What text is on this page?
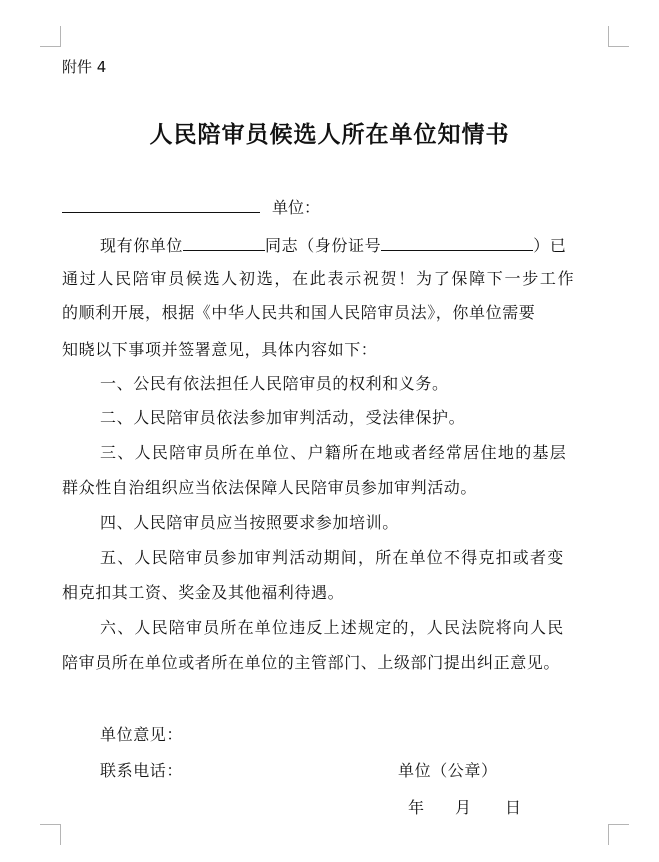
附件 4
人民陪审员候选人所在单位知情书
单位：
现有你单位	同志（身份证号	）已
通过人民陪审员候选人初选，在此表示祝贺！为了保障下一步工作
的顺利开展，根据《中华人民共和国人民陪审员法》，你单位需要
知晓以下事项并签署意见，具体内容如下：
一、公民有依法担任人民陪审员的权利和义务。
二、人民陪审员依法参加审判活动，受法律保护。
三、人民陪审员所在单位、户籍所在地或者经常居住地的基层
群众性自治组织应当依法保障人民陪审员参加审判活动。
四、人民陪审员应当按照要求参加培训。
五、人民陪审员参加审判活动期间，所在单位不得克扣或者变
相克扣其工资、奖金及其他福利待遇。
六、人民陪审员所在单位违反上述规定的，人民法院将向人民
陪审员所在单位或者所在单位的主管部门、上级部门提出纠正意见。
单位意见：
联系电话：	单位（公章）
年 月 日
